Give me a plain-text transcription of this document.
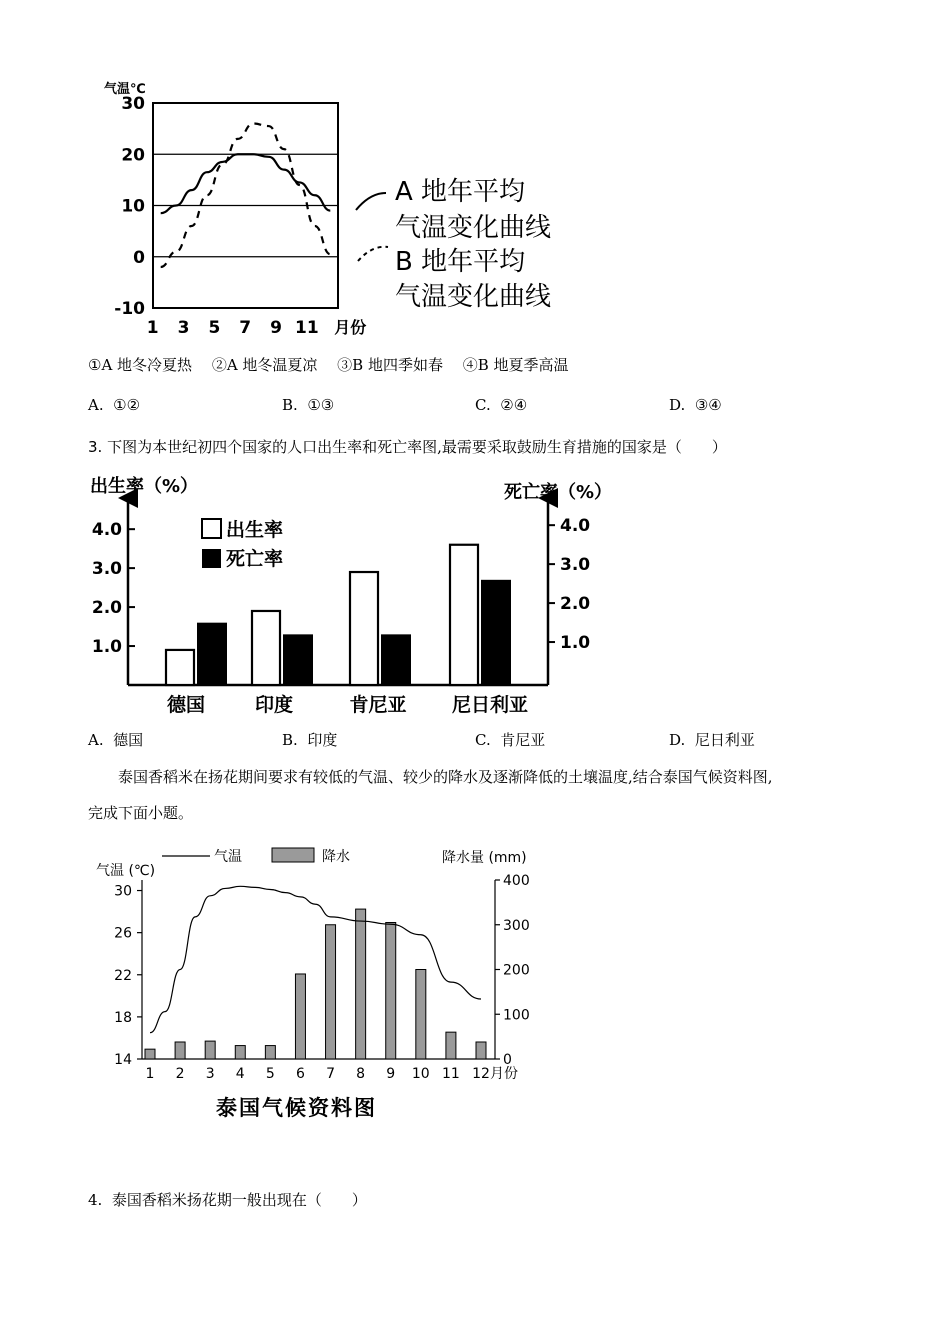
气温℃
30
20
10
0
-10
1 3 5 7 9 11 月份
A 地年平均
气温变化曲线
B 地年平均
气温变化曲线
①A 地冬冷夏热　 ②A 地冬温夏凉　 ③B 地四季如春　 ④B 地夏季高温
A. ①②	B. ①③	C. ②④	D. ③④
3. 下图为本世纪初四个国家的人口出生率和死亡率图,最需要采取鼓励生育措施的国家是（　　）
出生率（%）	死亡率（%）
4.0	4.0
3.0	3.0
2.0	2.0
1.0	1.0
德国	印度	肯尼亚 尼日利亚
出生率
死亡率
A. 德国	B. 印度	C. 肯尼亚	D. 尼日利亚
泰国香稻米在扬花期间要求有较低的气温、较少的降水及逐渐降低的土壤温度,结合泰国气候资料图,
完成下面小题。
气温	降水
气温 (℃)
降水量 (mm)
30
26
22
18
14
400
300
200
100
0
1 2 3 4 5 6 7 8 9 10 11 12 月份
泰国气候资料图
4. 泰国香稻米扬花期一般出现在（　　）
